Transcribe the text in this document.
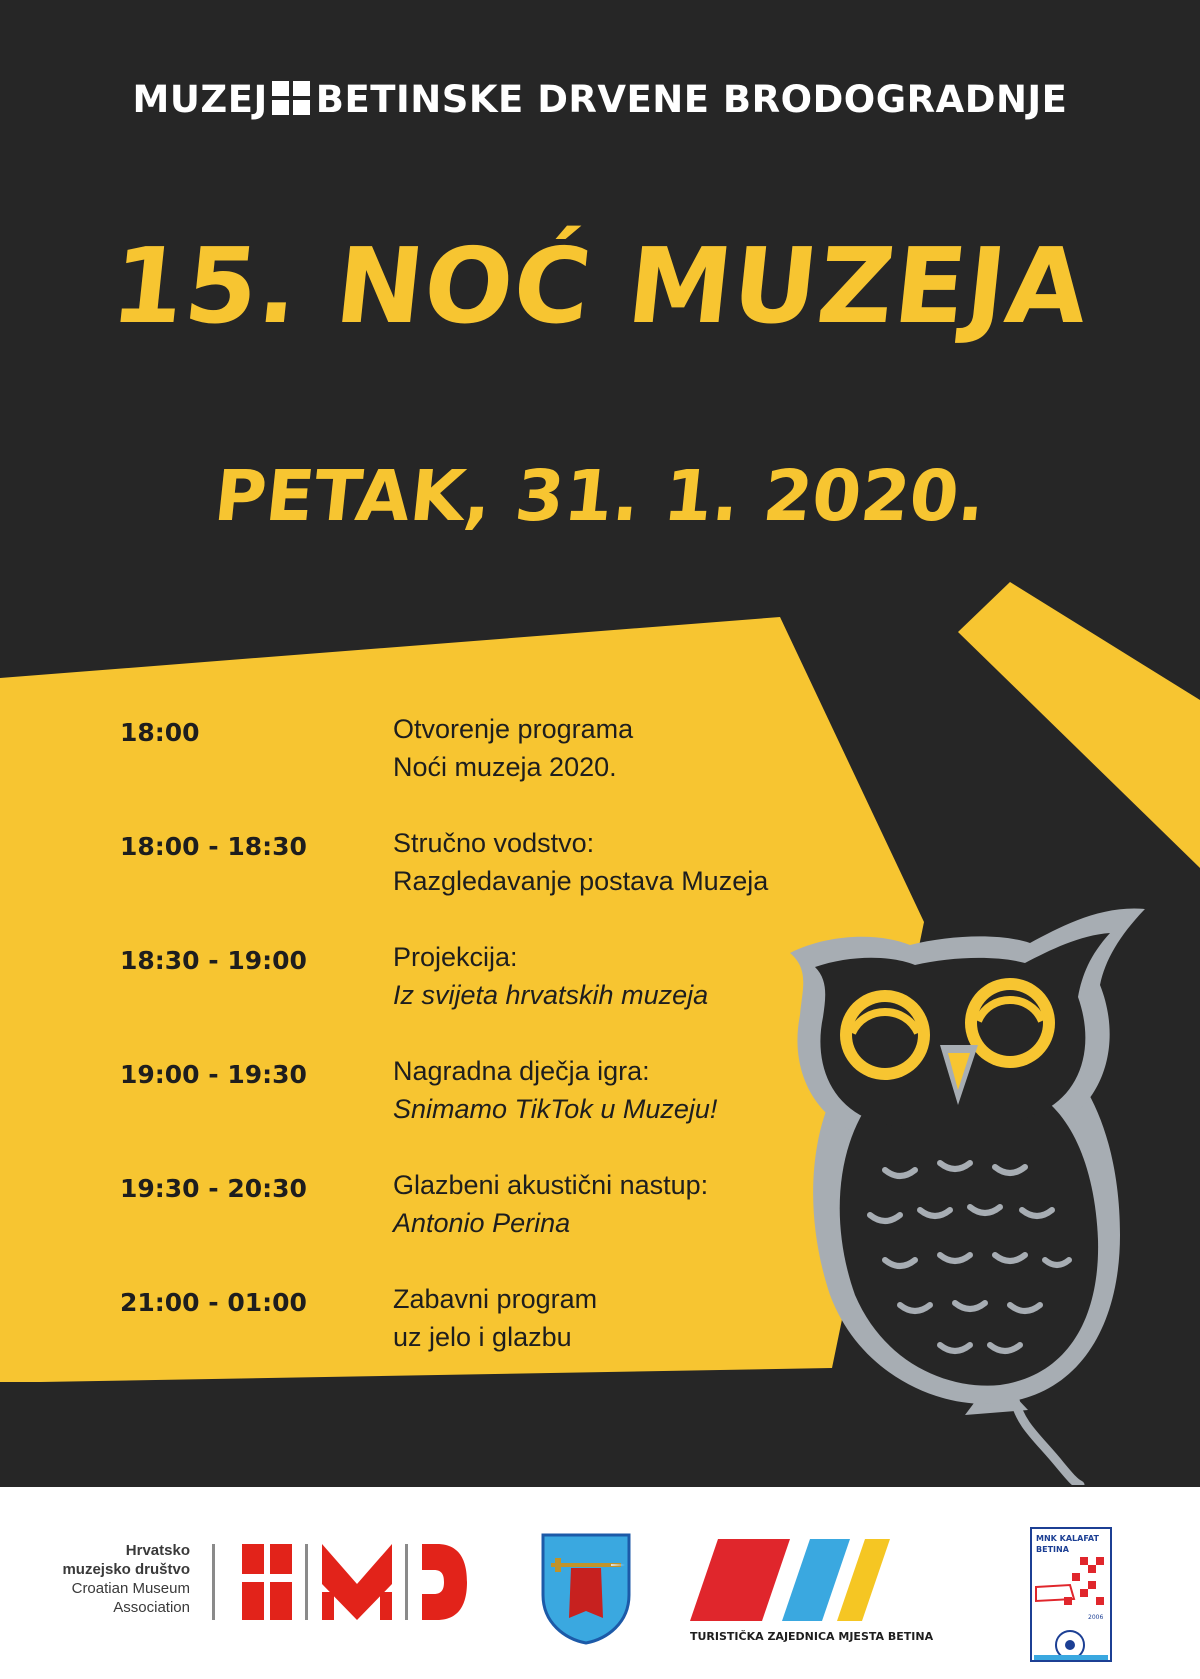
MUZEJ BETINSKE DRVENE BRODOGRADNJE
15. NOĆ MUZEJA
PETAK, 31. 1. 2020.
18:00	Otvorenje programa
Noći muzeja 2020.
18:00 - 18:30	Stručno vodstvo:
Razgledavanje postava Muzeja
18:30 - 19:00	Projekcija:
Iz svijeta hrvatskih muzeja
19:00 - 19:30	Nagradna dječja igra:
Snimamo TikTok u Muzeju!
19:30 - 20:30	Glazbeni akustični nastup:
Antonio Perina
21:00 - 01:00	Zabavni program
uz jelo i glazbu
Hrvatsko
muzejsko društvo
Croatian Museum
Association
TURISTIČKA ZAJEDNICA MJESTA BETINA
MNK KALAFAT
BETINA
2006
